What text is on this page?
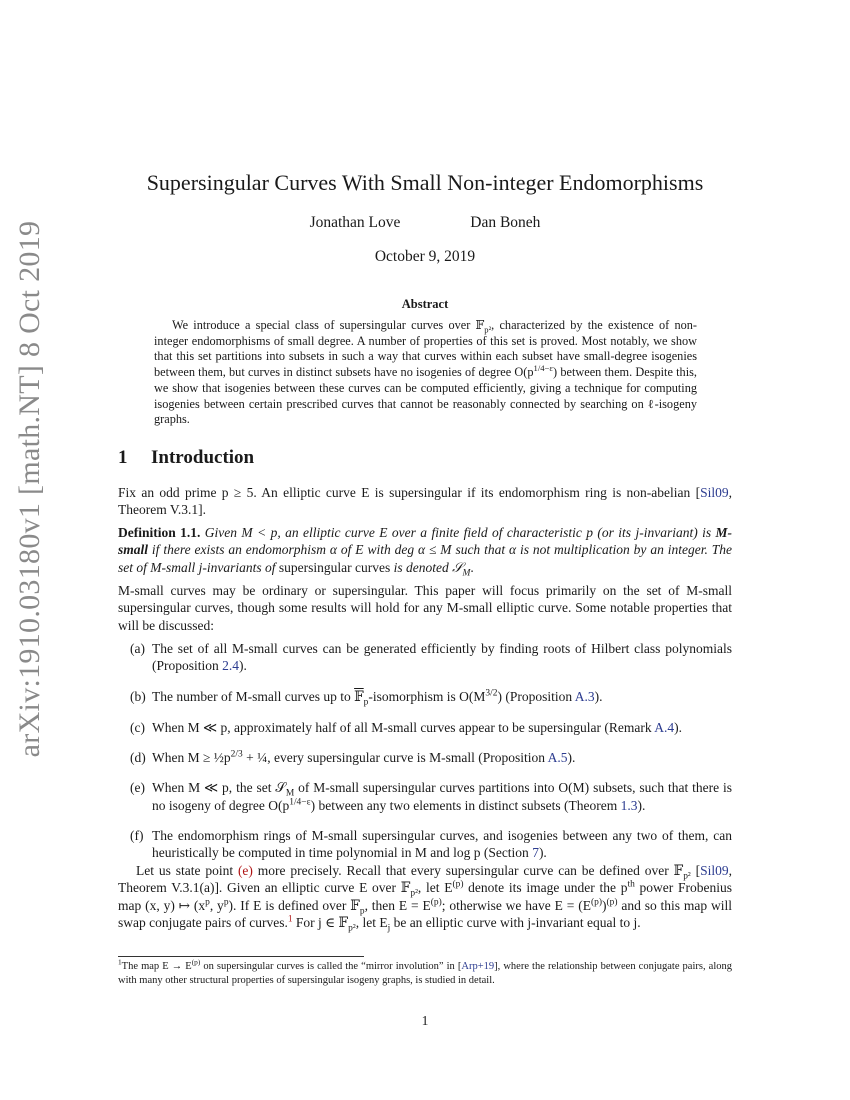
arXiv:1910.03180v1 [math.NT] 8 Oct 2019
Supersingular Curves With Small Non-integer Endomorphisms
Jonathan Love	Dan Boneh
October 9, 2019
Abstract
We introduce a special class of supersingular curves over 𝔽$_{p^2}$, characterized by the existence of non-integer endomorphisms of small degree. A number of properties of this set is proved. Most notably, we show that this set partitions into subsets in such a way that curves within each subset have small-degree isogenies between them, but curves in distinct subsets have no isogenies of degree $O(p^{1/4-\varepsilon})$ between them. Despite this, we show that isogenies between these curves can be computed efficiently, giving a technique for computing isogenies between certain prescribed curves that cannot be reasonably connected by searching on ℓ-isogeny graphs.
1 Introduction
Fix an odd prime p ≥ 5. An elliptic curve E is supersingular if its endomorphism ring is non-abelian [Sil09, Theorem V.3.1].
Definition 1.1. Given M < p, an elliptic curve E over a finite field of characteristic p (or its j-invariant) is M-small if there exists an endomorphism α of E with deg α ≤ M such that α is not multiplication by an integer. The set of M-small j-invariants of supersingular curves is denoted 𝒮$_M$.
M-small curves may be ordinary or supersingular. This paper will focus primarily on the set of M-small supersingular curves, though some results will hold for any M-small elliptic curve. Some notable properties that will be discussed:
(a) The set of all M-small curves can be generated efficiently by finding roots of Hilbert class polynomials (Proposition 2.4).
(b) The number of M-small curves up to 𝔽$_p$-isomorphism is $O(M^{3/2})$ (Proposition A.3).
(c) When M ≪ p, approximately half of all M-small curves appear to be supersingular (Remark A.4).
(d) When $M \ge \frac{1}{2}p^{2/3}$ + ¼, every supersingular curve is M-small (Proposition A.5).
(e) When M ≪ p, the set 𝒮$_M$ of M-small supersingular curves partitions into O(M) subsets, such that there is no isogeny of degree $O(p^{1/4-\varepsilon})$ between any two elements in distinct subsets (Theorem 1.3).
(f) The endomorphism rings of M-small supersingular curves, and isogenies between any two of them, can heuristically be computed in time polynomial in M and log p (Section 7).
Let us state point (e) more precisely. Recall that every supersingular curve can be defined over 𝔽$_{p^2}$ [Sil09, Theorem V.3.1(a)]. Given an elliptic curve E over 𝔽$_{p^2}$, let $E^{(p)}$ denote its image under the $p^{th}$ power Frobenius map (x, y) ↦ ($x^p$, $y^p$). If E is defined over 𝔽$_p$, then $E = E^{(p)}$; otherwise we have $E = (E^{(p)})^{(p)}$ and so this map will swap conjugate pairs of curves.$^1$ For j ∈ 𝔽$_{p^2}$, let $E_j$ be an elliptic curve with j-invariant equal to j.
$^1$The map $E \to E^{(p)}$ on supersingular curves is called the “mirror involution” in [Arp+19], where the relationship between conjugate pairs, along with many other structural properties of supersingular isogeny graphs, is studied in detail.
1
